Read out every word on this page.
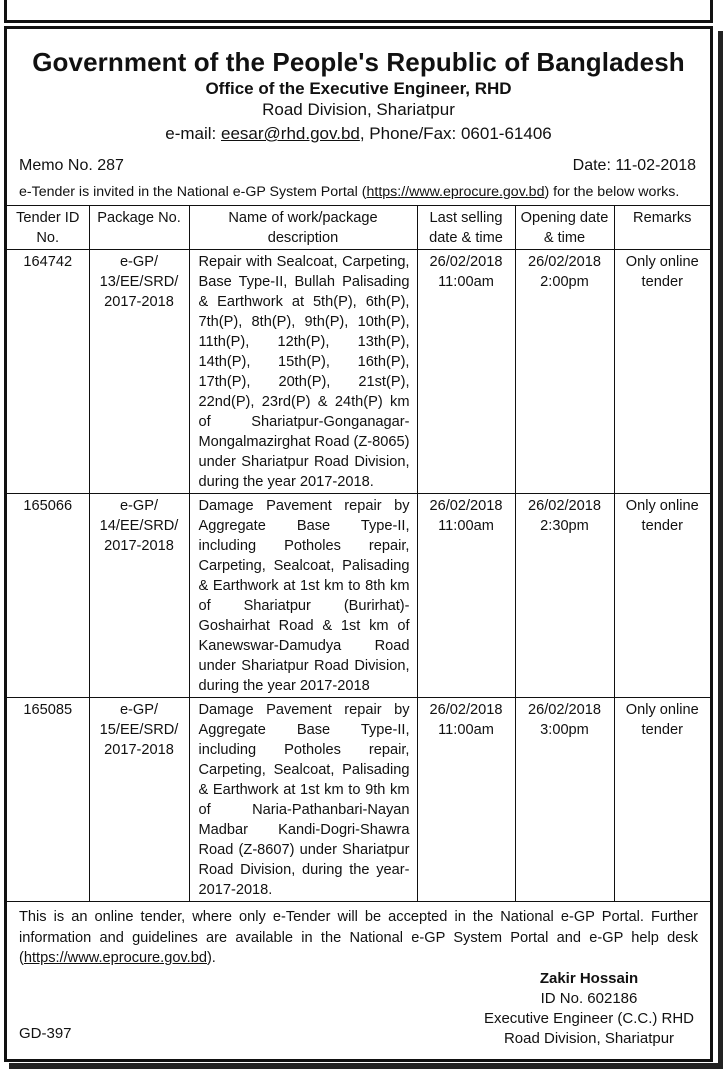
Government of the People's Republic of Bangladesh
Office of the Executive Engineer, RHD
Road Division, Shariatpur
e-mail: eesar@rhd.gov.bd, Phone/Fax: 0601-61406
Memo No. 287	Date: 11-02-2018
e-Tender is invited in the National e-GP System Portal (https://www.eprocure.gov.bd) for the below works.
Tender ID No.	Package No.	Name of work/package description	Last selling date & time	Opening date & time	Remarks
164742	e-GP/ 13/EE/SRD/ 2017-2018	Repair with Sealcoat, Carpeting, Base Type-II, Bullah Palisading & Earthwork at 5th(P), 6th(P), 7th(P), 8th(P), 9th(P), 10th(P), 11th(P), 12th(P), 13th(P), 14th(P), 15th(P), 16th(P), 17th(P), 20th(P), 21st(P), 22nd(P), 23rd(P) & 24th(P) km of Shariatpur-Gonganagar-Mongalmazirghat Road (Z-8065) under Shariatpur Road Division, during the year 2017-2018.	26/02/2018 11:00am	26/02/2018 2:00pm	Only online tender
165066	e-GP/ 14/EE/SRD/ 2017-2018	Damage Pavement repair by Aggregate Base Type-II, including Potholes repair, Carpeting, Sealcoat, Palisading & Earthwork at 1st km to 8th km of Shariatpur (Burirhat)-Goshairhat Road & 1st km of Kanewswar-Damudya Road under Shariatpur Road Division, during the year 2017-2018	26/02/2018 11:00am	26/02/2018 2:30pm	Only online tender
165085	e-GP/ 15/EE/SRD/ 2017-2018	Damage Pavement repair by Aggregate Base Type-II, including Potholes repair, Carpeting, Sealcoat, Palisading & Earthwork at 1st km to 9th km of Naria-Pathanbari-Nayan Madbar Kandi-Dogri-Shawra Road (Z-8607) under Shariatpur Road Division, during the year-2017-2018.	26/02/2018 11:00am	26/02/2018 3:00pm	Only online tender
This is an online tender, where only e-Tender will be accepted in the National e-GP Portal. Further information and guidelines are available in the National e-GP System Portal and e-GP help desk (https://www.eprocure.gov.bd).
Zakir Hossain
ID No. 602186
Executive Engineer (C.C.) RHD
Road Division, Shariatpur
GD-397
